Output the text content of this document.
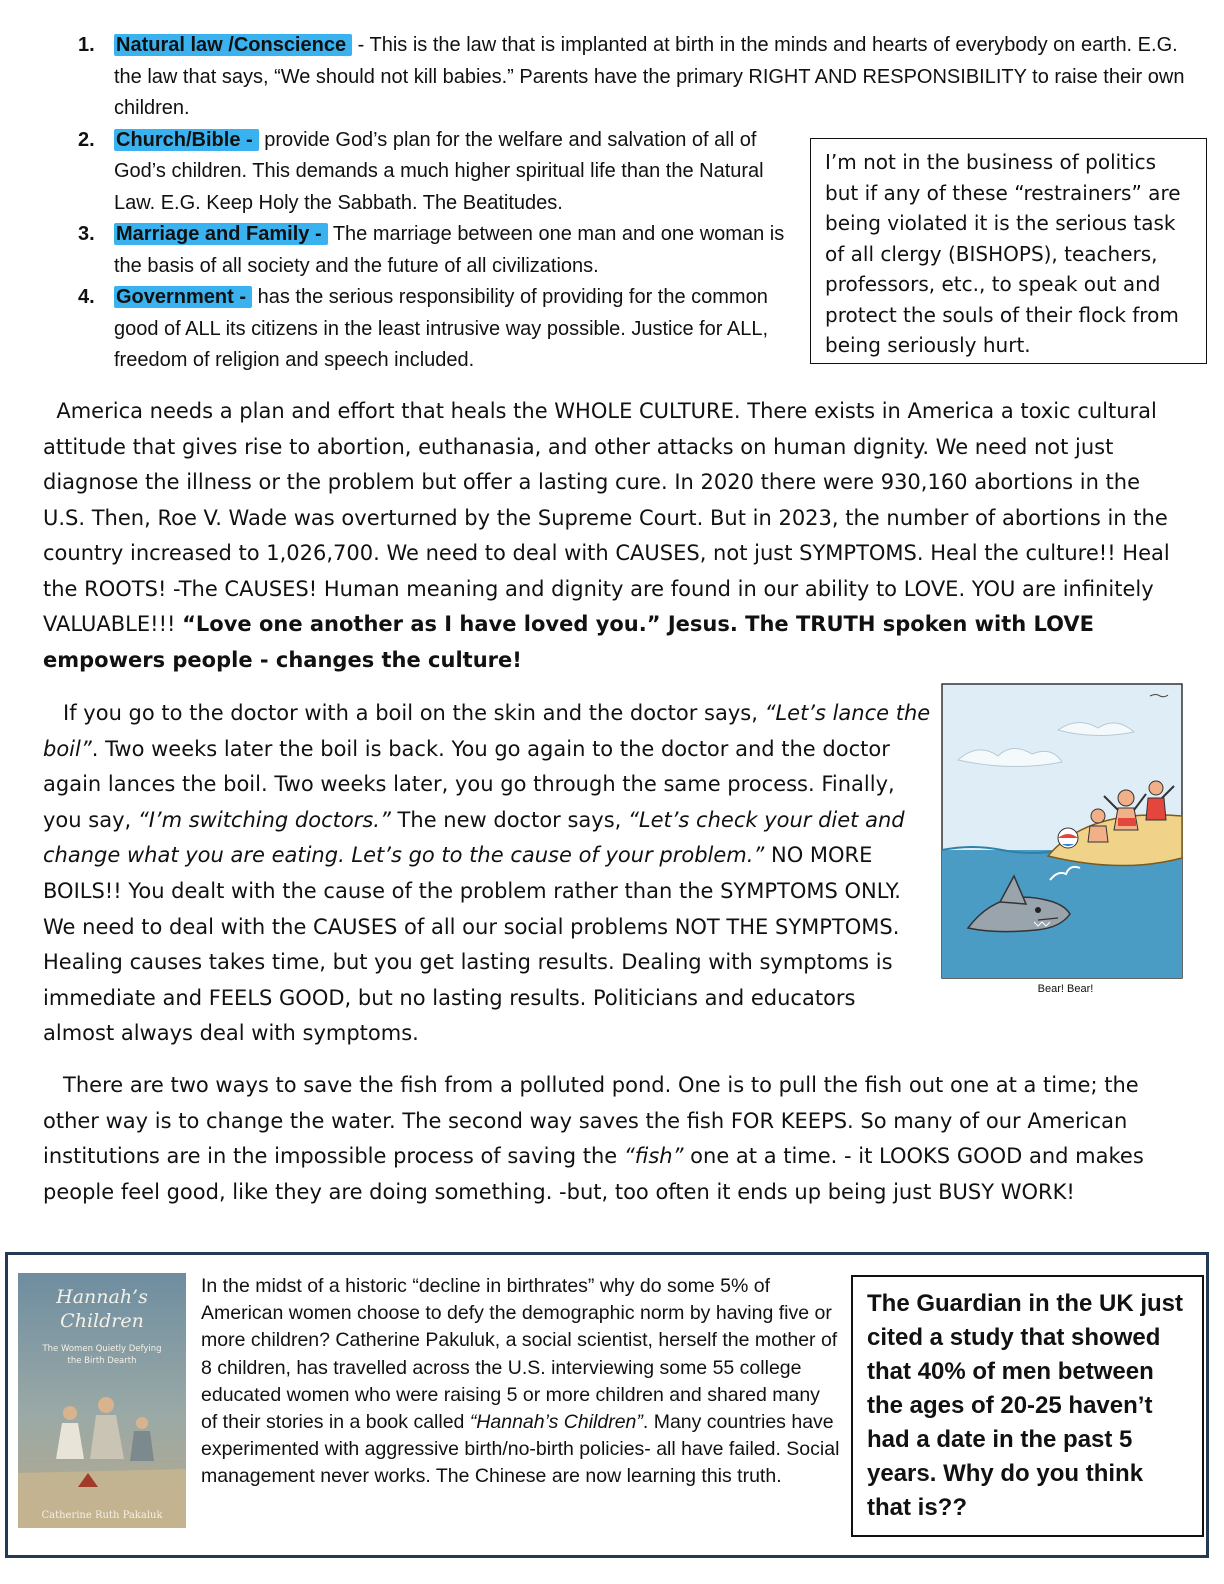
1. Natural law /Conscience - This is the law that is implanted at birth in the minds and hearts of everybody on earth. E.G. the law that says, “We should not kill babies.” Parents have the primary RIGHT AND RESPONSIBILITY to raise their own children.
2. Church/Bible - provide God’s plan for the welfare and salvation of all of God’s children. This demands a much higher spiritual life than the Natural Law. E.G. Keep Holy the Sabbath. The Beatitudes.
3. Marriage and Family - The marriage between one man and one woman is the basis of all society and the future of all civilizations.
4. Government - has the serious responsibility of providing for the common good of ALL its citizens in the least intrusive way possible. Justice for ALL, freedom of religion and speech included.
I’m not in the business of politics but if any of these “restrainers” are being violated it is the serious task of all clergy (BISHOPS), teachers, professors, etc., to speak out and protect the souls of their flock from being seriously hurt.

America needs a plan and effort that heals the WHOLE CULTURE. There exists in America a toxic cultural attitude that gives rise to abortion, euthanasia, and other attacks on human dignity. We need not just diagnose the illness or the problem but offer a lasting cure. In 2020 there were 930,160 abortions in the U.S. Then, Roe V. Wade was overturned by the Supreme Court. But in 2023, the number of abortions in the country increased to 1,026,700. We need to deal with CAUSES, not just SYMPTOMS. Heal the culture!! Heal the ROOTS! -The CAUSES! Human meaning and dignity are found in our ability to LOVE. YOU are infinitely VALUABLE!!! “Love one another as I have loved you.” Jesus. The TRUTH spoken with LOVE empowers people - changes the culture!

If you go to the doctor with a boil on the skin and the doctor says, “Let’s lance the boil”. Two weeks later the boil is back. You go again to the doctor and the doctor again lances the boil. Two weeks later, you go through the same process. Finally, you say, “I’m switching doctors.” The new doctor says, “Let’s check your diet and change what you are eating. Let’s go to the cause of your problem.” NO MORE BOILS!! You dealt with the cause of the problem rather than the SYMPTOMS ONLY. We need to deal with the CAUSES of all our social problems NOT THE SYMPTOMS. Healing causes takes time, but you get lasting results. Dealing with symptoms is immediate and FEELS GOOD, but no lasting results. Politicians and educators almost always deal with symptoms.

Bear! Bear!

There are two ways to save the fish from a polluted pond. One is to pull the fish out one at a time; the other way is to change the water. The second way saves the fish FOR KEEPS. So many of our American institutions are in the impossible process of saving the “fish” one at a time. - it LOOKS GOOD and makes people feel good, like they are doing something. -but, too often it ends up being just BUSY WORK!

Hannah’s
Children
The Women Quietly Defying
the Birth Dearth
Catherine Ruth Pakaluk

In the midst of a historic “decline in birthrates” why do some 5% of American women choose to defy the demographic norm by having five or more children? Catherine Pakuluk, a social scientist, herself the mother of 8 children, has travelled across the U.S. interviewing some 55 college educated women who were raising 5 or more children and shared many of their stories in a book called “Hannah’s Children”. Many countries have experimented with aggressive birth/no-birth policies- all have failed. Social management never works. The Chinese are now learning this truth.

The Guardian in the UK just cited a study that showed that 40% of men between the ages of 20-25 haven’t had a date in the past 5 years. Why do you think that is??
